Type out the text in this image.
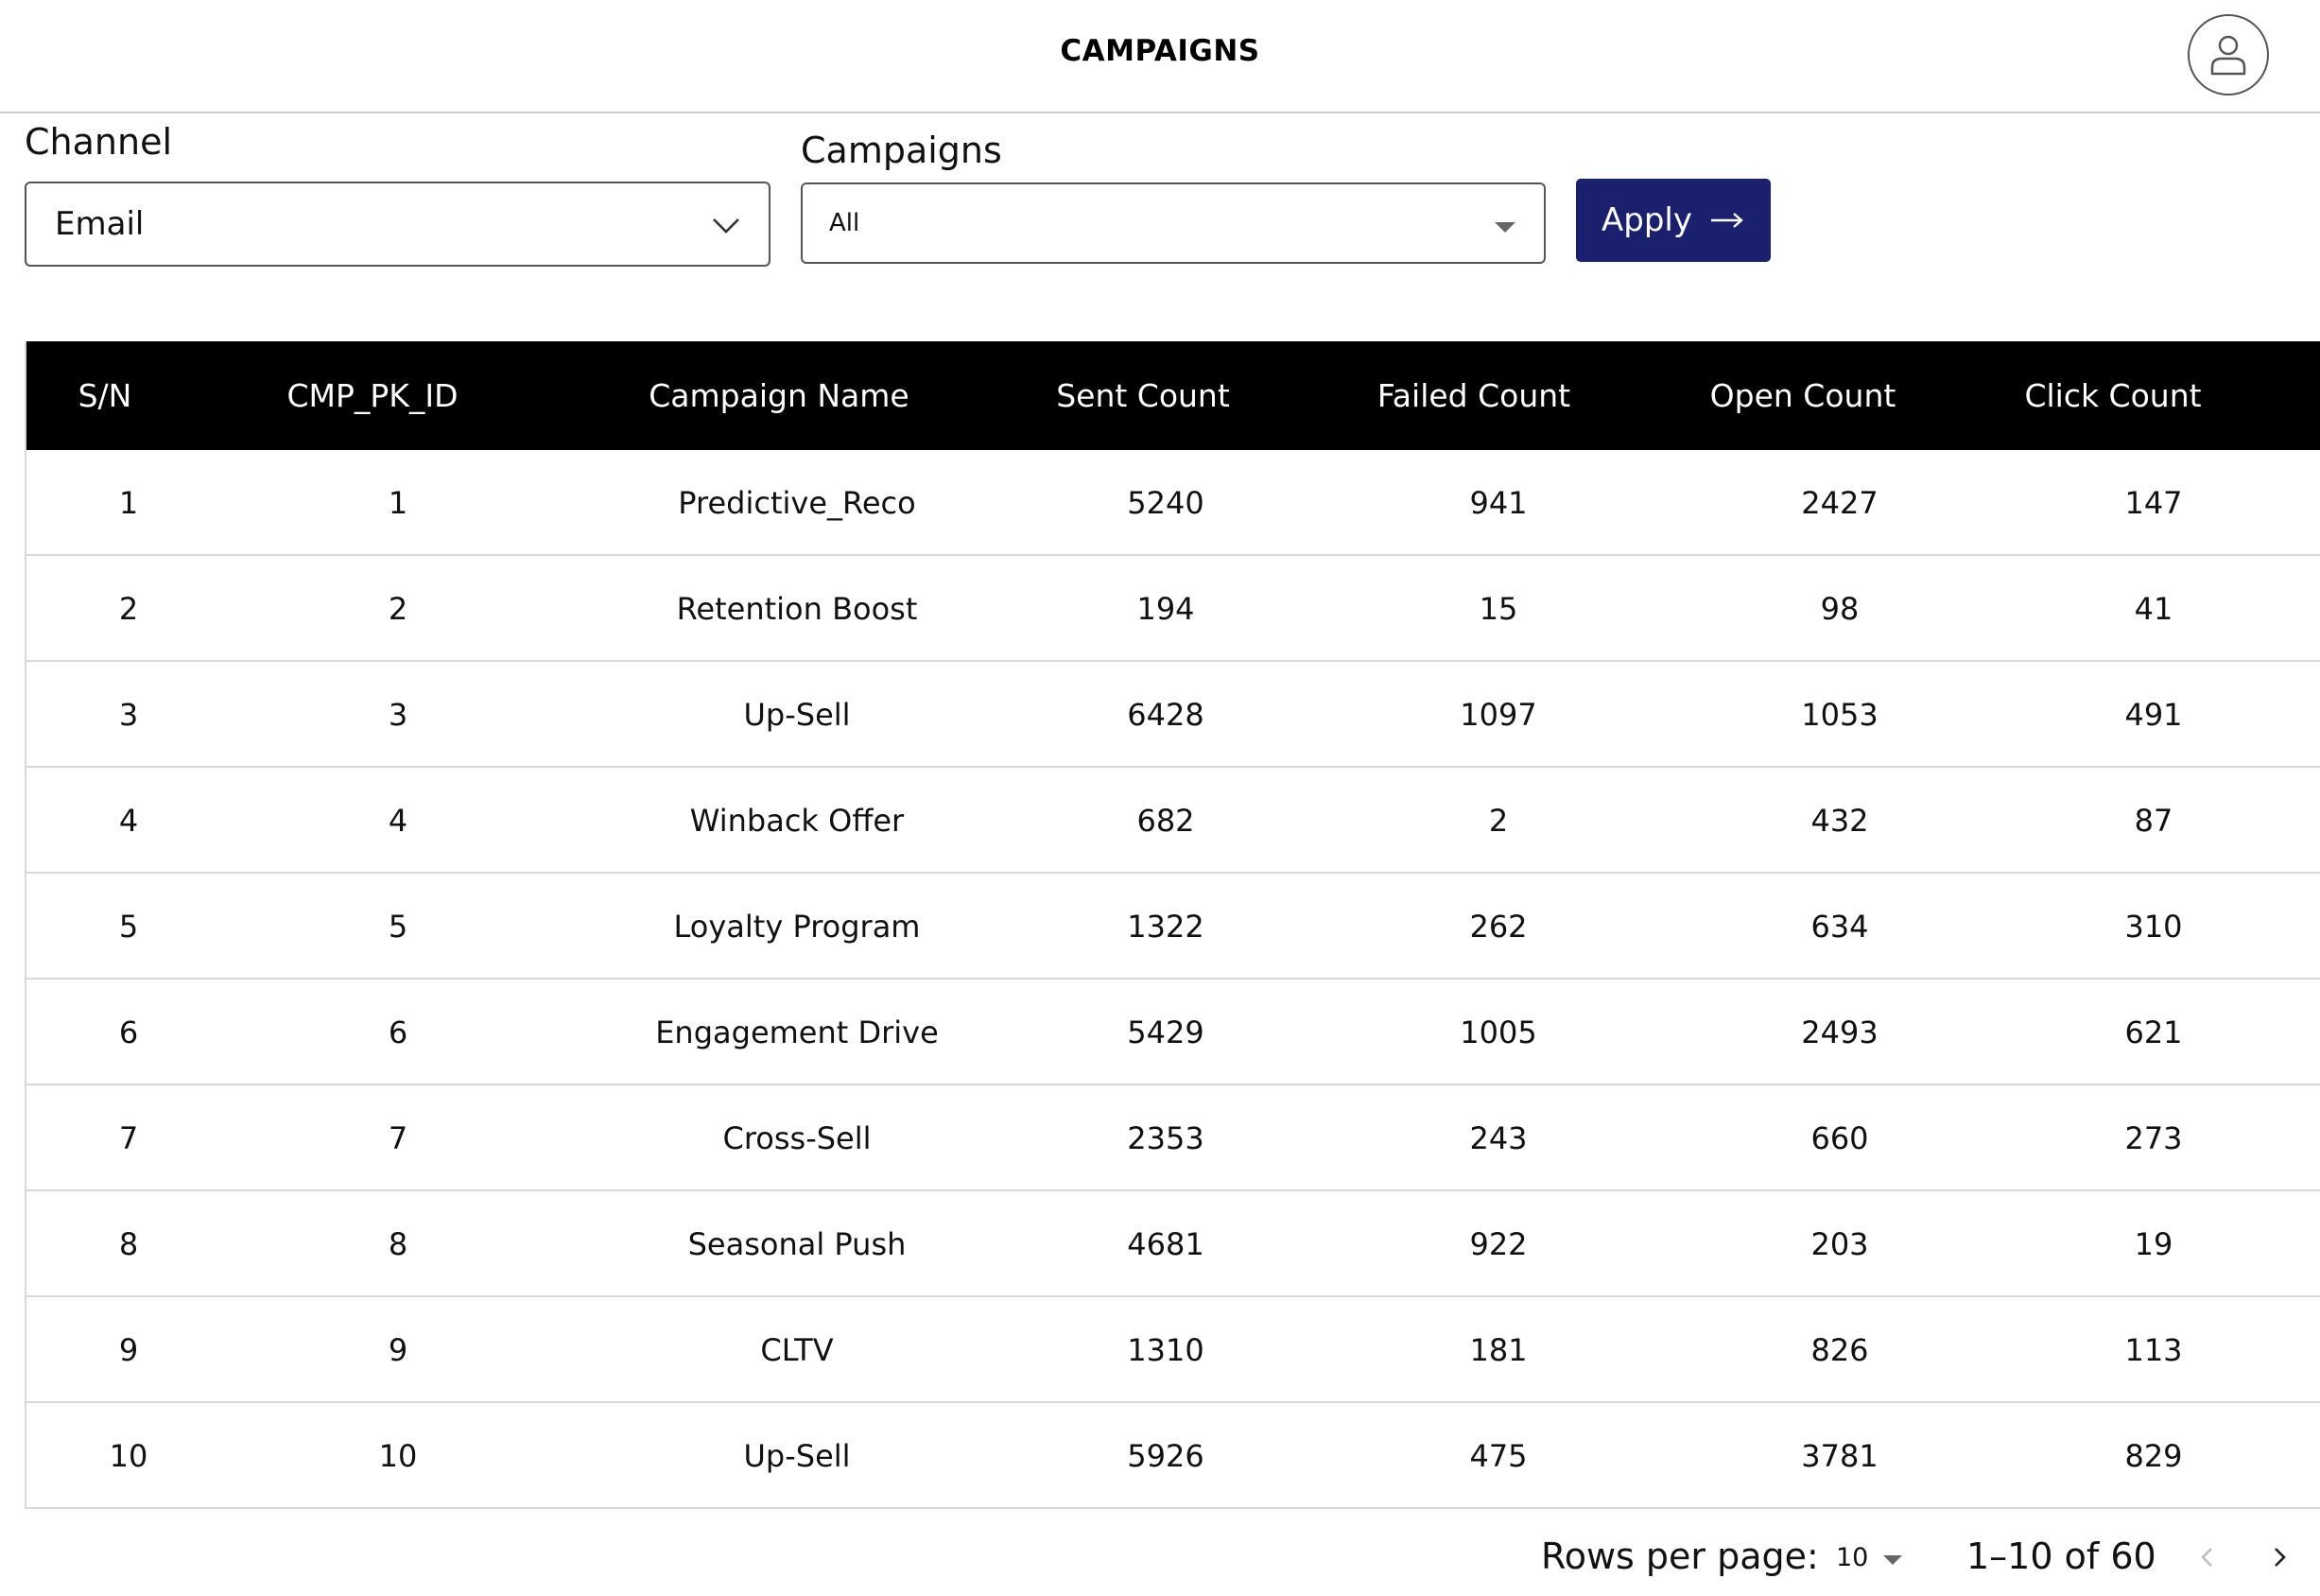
CAMPAIGNS
Channel
Email
Campaigns
All	Apply
S/N	CMP_PK_ID	Campaign Name	Sent Count	Failed Count	Open Count	Click Count
1	1	Predictive_Reco	5240	941	2427	147
2	2	Retention Boost	194	15	98	41
3	3	Up-Sell	6428	1097	1053	491
4	4	Winback Offer	682	2	432	87
5	5	Loyalty Program	1322	262	634	310
6	6	Engagement Drive	5429	1005	2493	621
7	7	Cross-Sell	2353	243	660	273
8	8	Seasonal Push	4681	922	203	19
9	9	CLTV	1310	181	826	113
10	10	Up-Sell	5926	475	3781	829
Rows per page: 10	1–10 of 60
